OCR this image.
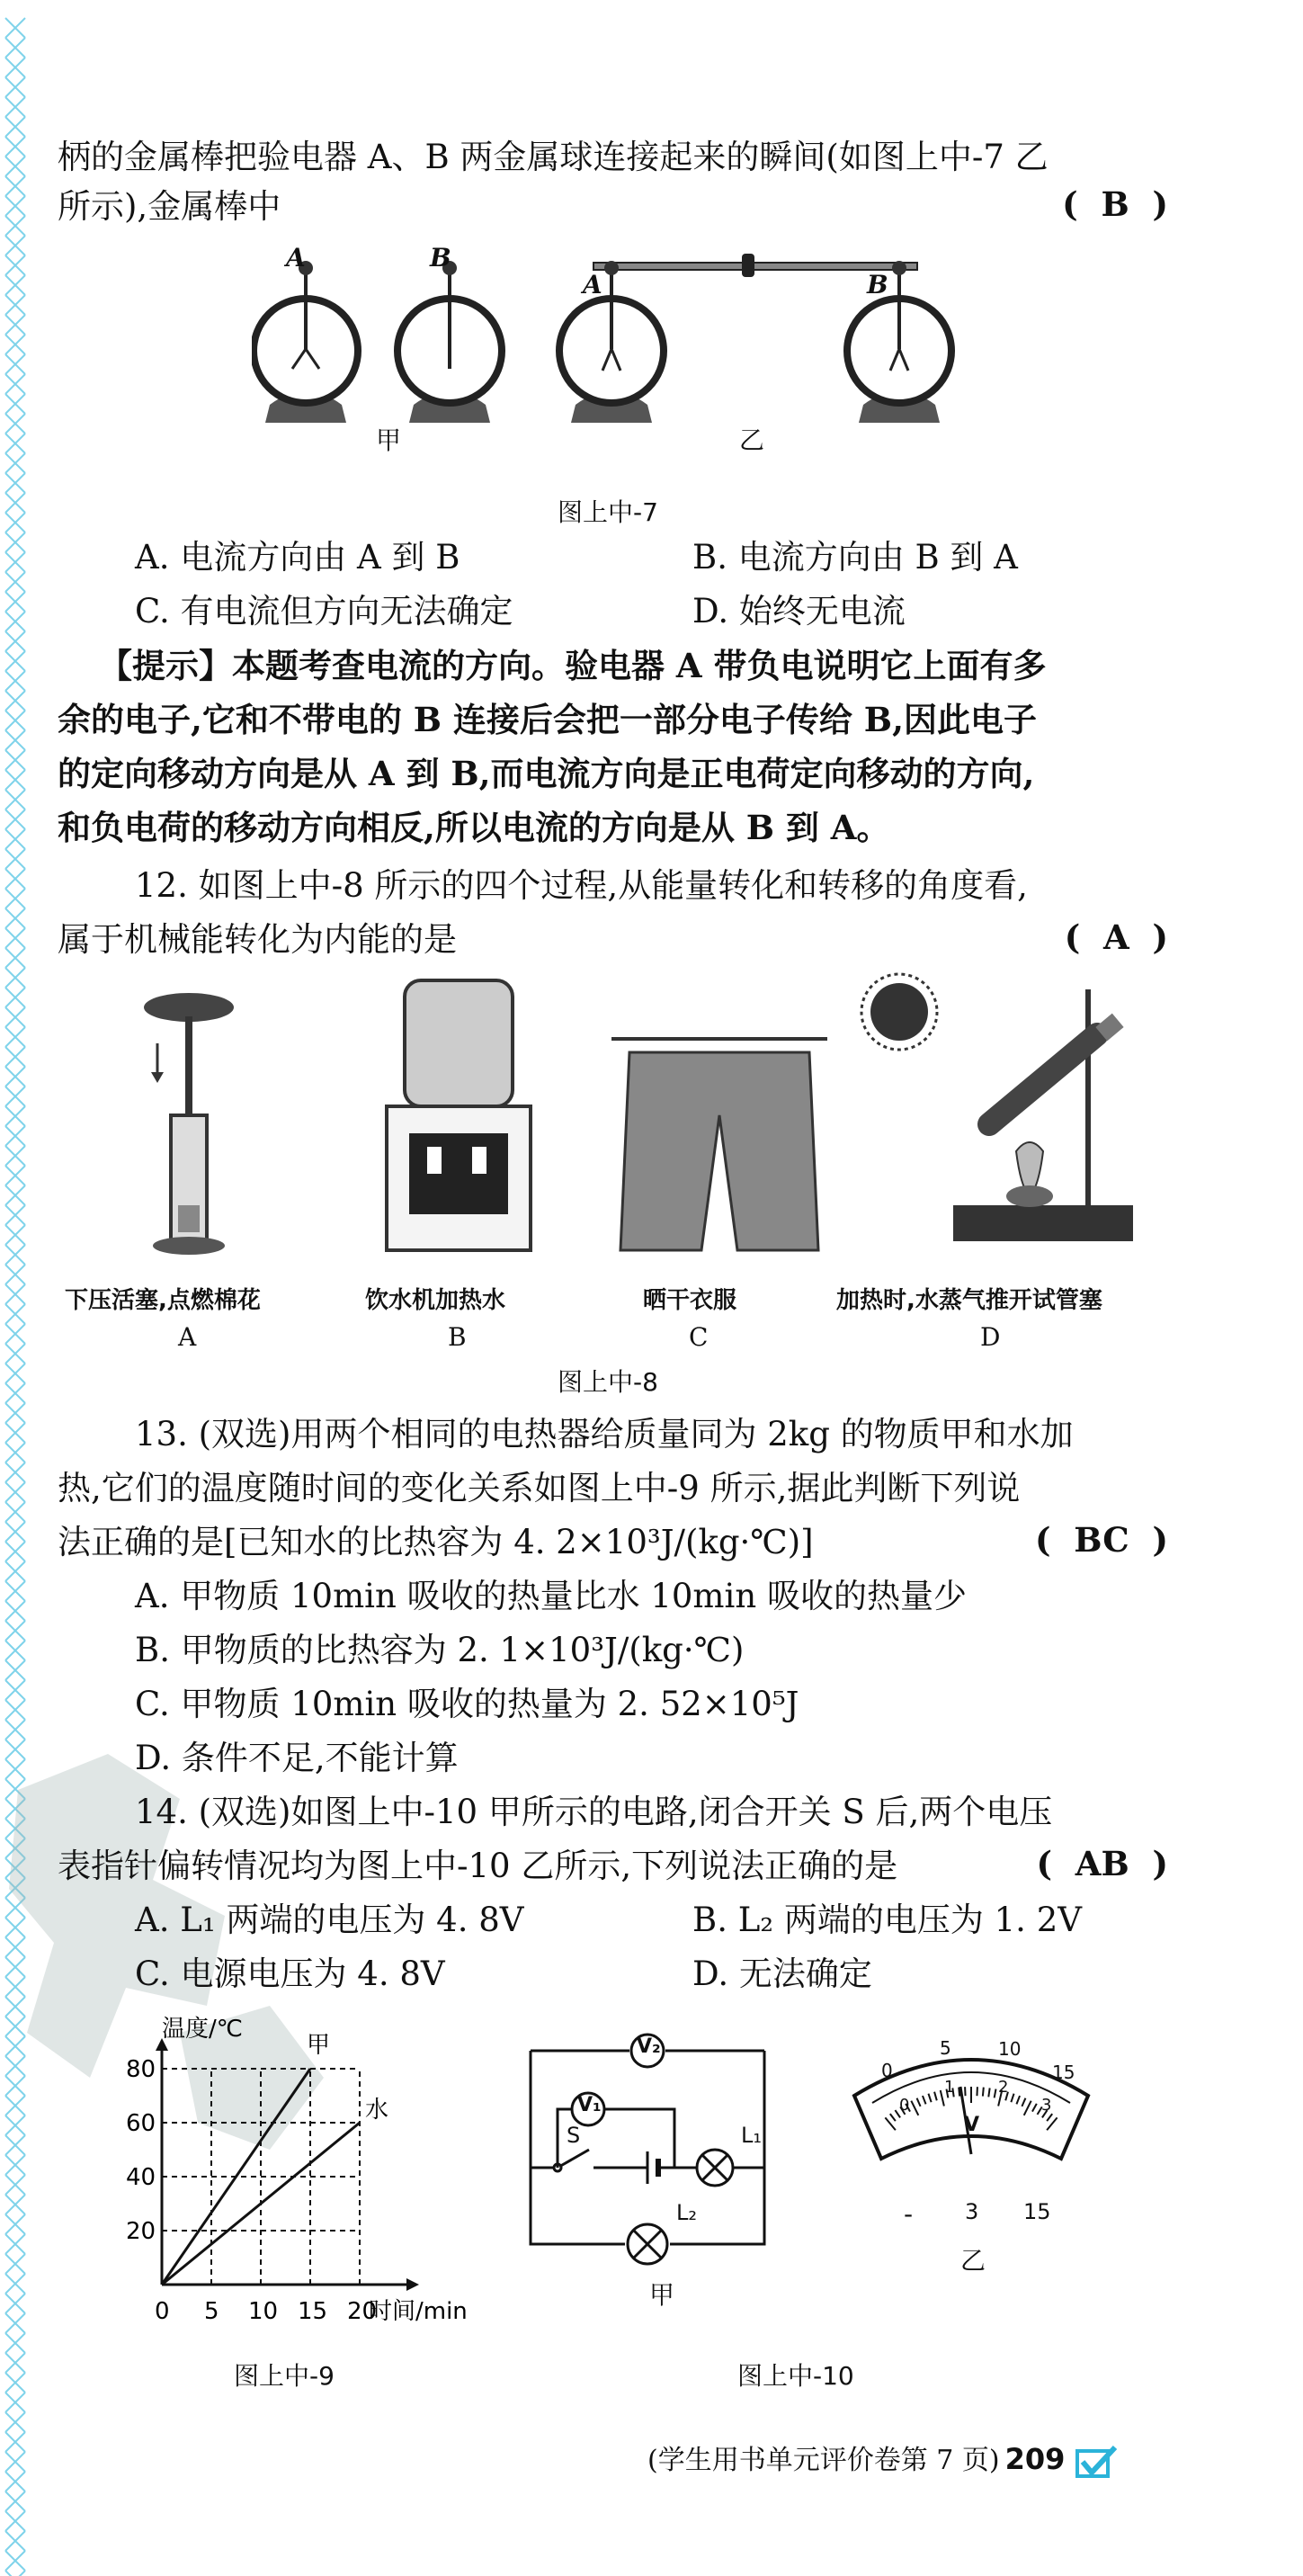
柄的金属棒把验电器 A、B 两金属球连接起来的瞬间(如图上中-7 乙
所示),金属棒中	(  B  )
A	B
A	B
甲	乙
图上中-7
A. 电流方向由 A 到 B	B. 电流方向由 B 到 A
C. 有电流但方向无法确定	D. 始终无电流
【提示】本题考查电流的方向。验电器 A 带负电说明它上面有多
余的电子,它和不带电的 B 连接后会把一部分电子传给 B,因此电子
的定向移动方向是从 A 到 B,而电流方向是正电荷定向移动的方向,
和负电荷的移动方向相反,所以电流的方向是从 B 到 A。
12. 如图上中-8 所示的四个过程,从能量转化和转移的角度看,
属于机械能转化为内能的是	(  A  )
下压活塞,点燃棉花	饮水机加热水	晒干衣服	加热时,水蒸气推开试管塞
A	B	C	D
图上中-8
13. (双选)用两个相同的电热器给质量同为 2kg 的物质甲和水加
热,它们的温度随时间的变化关系如图上中-9 所示,据此判断下列说
法正确的是[已知水的比热容为 4. 2×10³J/(kg·℃)]	(  BC  )
A. 甲物质 10min 吸收的热量比水 10min 吸收的热量少
B. 甲物质的比热容为 2. 1×10³J/(kg·℃)
C. 甲物质 10min 吸收的热量为 2. 52×10⁵J
D. 条件不足,不能计算
14. (双选)如图上中-10 甲所示的电路,闭合开关 S 后,两个电压
表指针偏转情况均为图上中-10 乙所示,下列说法正确的是	(  AB  )
A. L₁ 两端的电压为 4. 8V	B. L₂ 两端的电压为 1. 2V
C. 电源电压为 4. 8V	D. 无法确定
80
60
40
20
0 5 10 15 20
温度/℃
时间/min
甲
水
图上中-9
V₂
V₁
S	L₁
L₂
甲
0
5	10
15
0
1	2
3
V
- 3 15
乙
图上中-10
(学生用书单元评价卷第 7 页) 209
